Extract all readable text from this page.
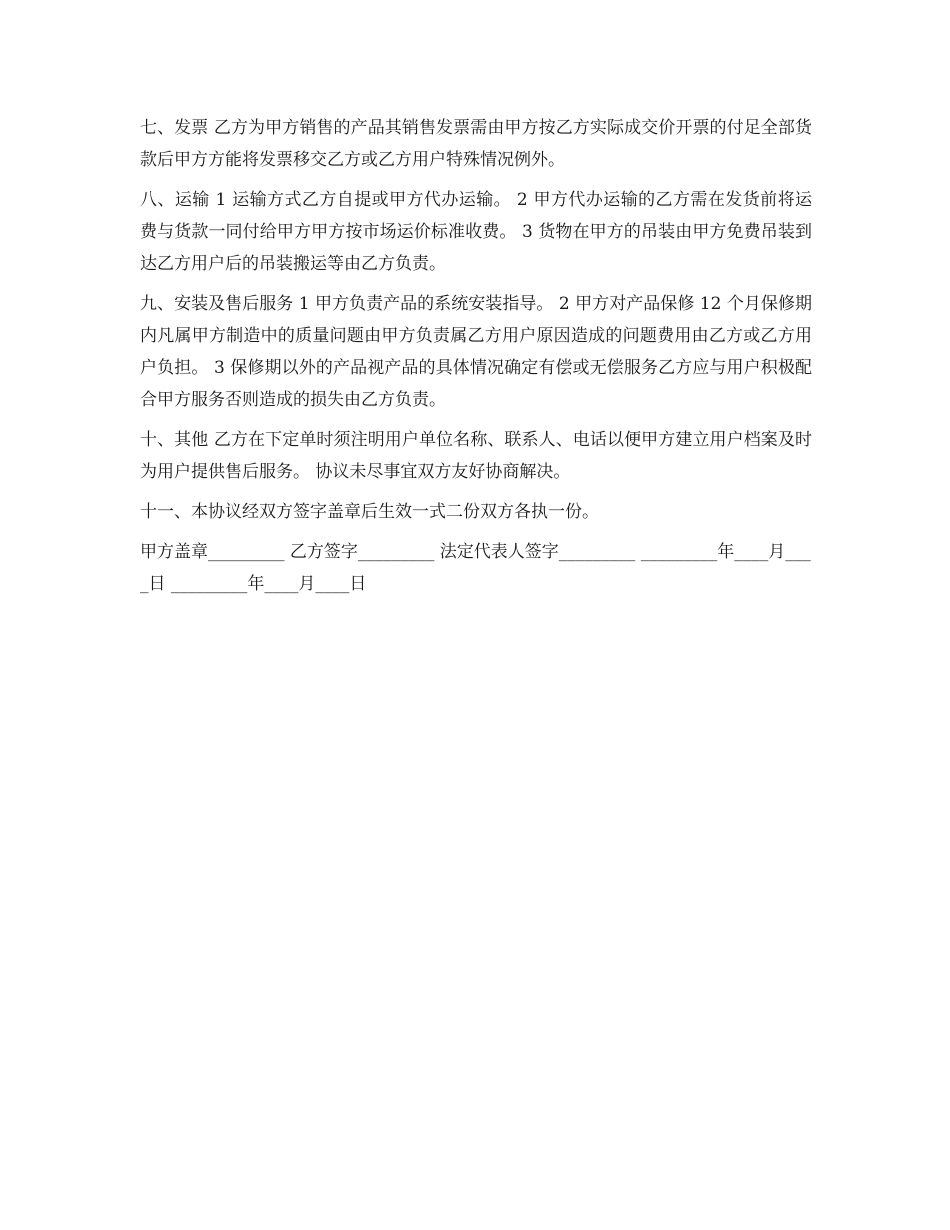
七、发票 乙方为甲方销售的产品其销售发票需由甲方按乙方实际成交价开票的付足全部货款后甲方方能将发票移交乙方或乙方用户特殊情况例外。

八、运输 1 运输方式乙方自提或甲方代办运输。 2 甲方代办运输的乙方需在发货前将运费与货款一同付给甲方甲方按市场运价标准收费。 3 货物在甲方的吊装由甲方免费吊装到达乙方用户后的吊装搬运等由乙方负责。

九、安装及售后服务 1 甲方负责产品的系统安装指导。 2 甲方对产品保修 12 个月保修期内凡属甲方制造中的质量问题由甲方负责属乙方用户原因造成的问题费用由乙方或乙方用户负担。 3 保修期以外的产品视产品的具体情况确定有偿或无偿服务乙方应与用户积极配合甲方服务否则造成的损失由乙方负责。

十、其他 乙方在下定单时须注明用户单位名称、联系人、电话以便甲方建立用户档案及时为用户提供售后服务。 协议未尽事宜双方友好协商解决。

十一、本协议经双方签字盖章后生效一式二份双方各执一份。

甲方盖章_________ 乙方签字_________ 法定代表人签字_________ _________年____月____日 _________年____月____日
